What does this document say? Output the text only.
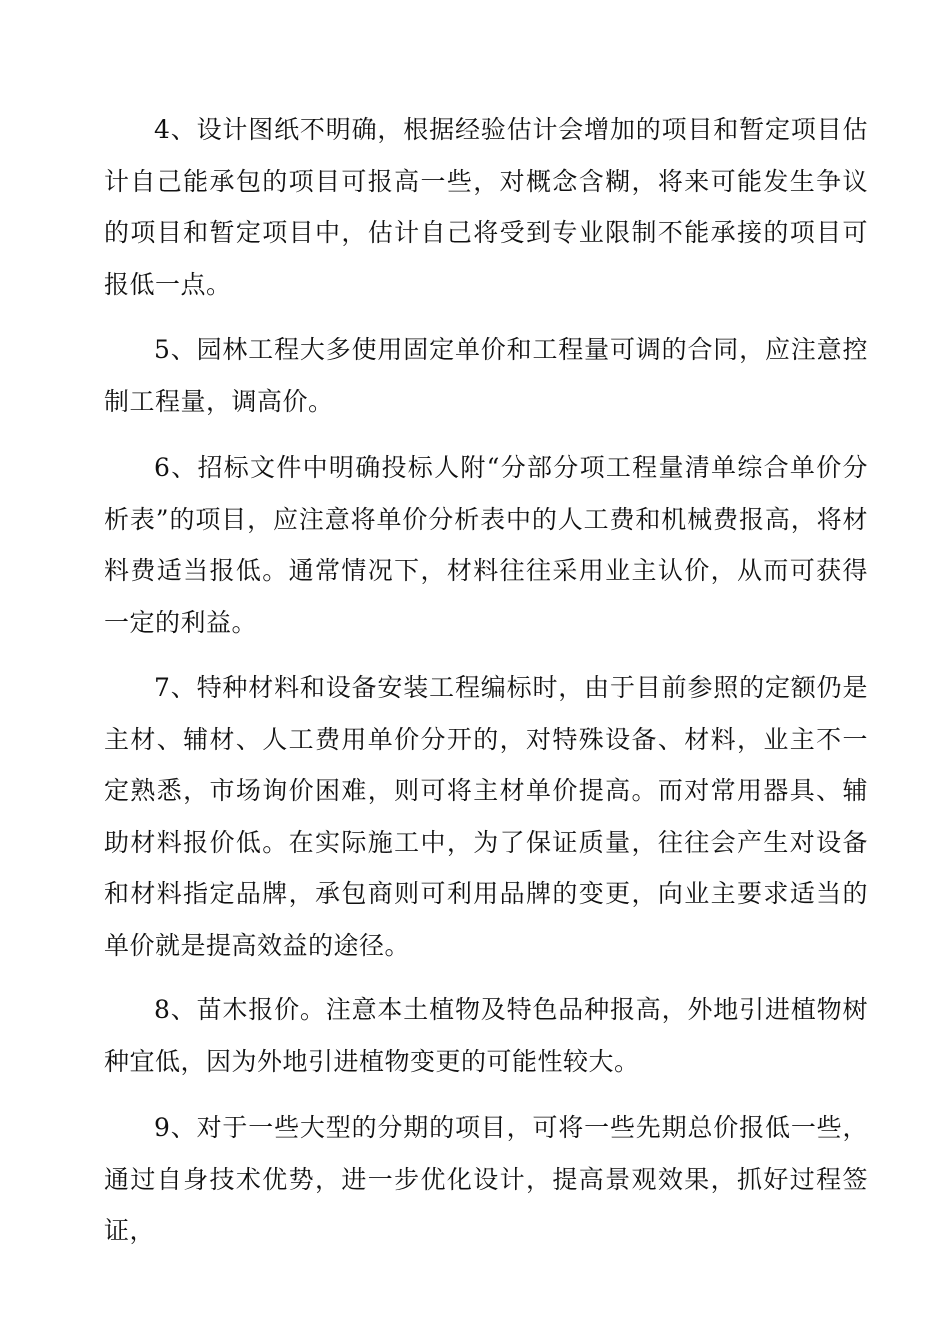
4、设计图纸不明确，根据经验估计会增加的项目和暂定项目估计自己能承包的项目可报高一些，对概念含糊，将来可能发生争议的项目和暂定项目中，估计自己将受到专业限制不能承接的项目可报低一点。

5、园林工程大多使用固定单价和工程量可调的合同，应注意控制工程量，调高价。

6、招标文件中明确投标人附“分部分项工程量清单综合单价分析表”的项目，应注意将单价分析表中的人工费和机械费报高，将材料费适当报低。通常情况下，材料往往采用业主认价，从而可获得一定的利益。

7、特种材料和设备安装工程编标时，由于目前参照的定额仍是主材、辅材、人工费用单价分开的，对特殊设备、材料，业主不一定熟悉，市场询价困难，则可将主材单价提高。而对常用器具、辅助材料报价低。在实际施工中，为了保证质量，往往会产生对设备和材料指定品牌，承包商则可利用品牌的变更，向业主要求适当的单价就是提高效益的途径。

8、苗木报价。注意本土植物及特色品种报高，外地引进植物树种宜低，因为外地引进植物变更的可能性较大。

9、对于一些大型的分期的项目，可将一些先期总价报低一些，通过自身技术优势，进一步优化设计，提高景观效果，抓好过程签证，
